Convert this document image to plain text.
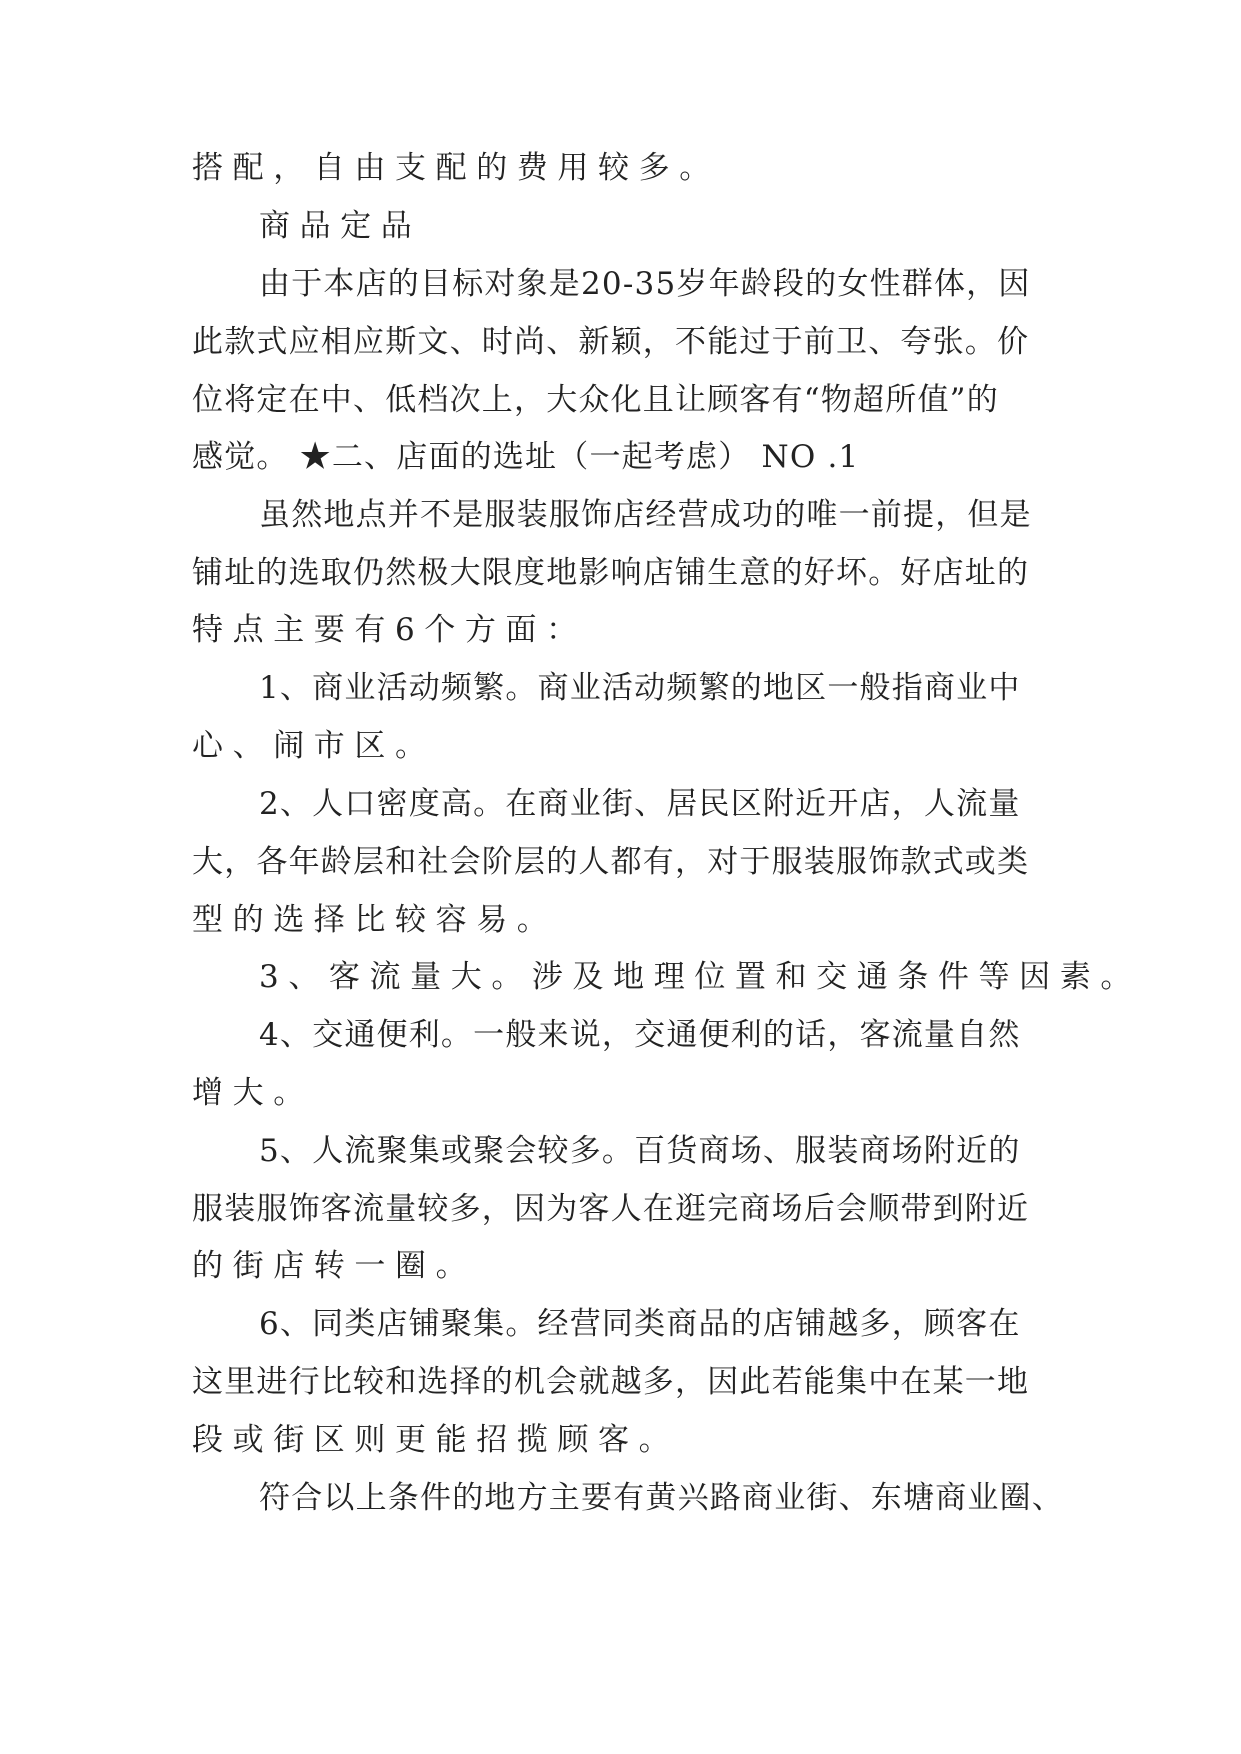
搭配，自由支配的费用较多。
商品定品
由于本店的目标对象是20-35岁年龄段的女性群体，因
此款式应相应斯文、时尚、新颖，不能过于前卫、夸张。价
位将定在中、低档次上，大众化且让顾客有“物超所值”的
感觉。 ★二、店面的选址（一起考虑） NO .1
虽然地点并不是服装服饰店经营成功的唯一前提，但是
铺址的选取仍然极大限度地影响店铺生意的好坏。好店址的
特点主要有6个方面：
1、商业活动频繁。商业活动频繁的地区一般指商业中
心、闹市区。
2、人口密度高。在商业街、居民区附近开店，人流量
大，各年龄层和社会阶层的人都有，对于服装服饰款式或类
型的选择比较容易。
3、客流量大。涉及地理位置和交通条件等因素。
4、交通便利。一般来说，交通便利的话，客流量自然
增大。
5、人流聚集或聚会较多。百货商场、服装商场附近的
服装服饰客流量较多，因为客人在逛完商场后会顺带到附近
的街店转一圈。
6、同类店铺聚集。经营同类商品的店铺越多，顾客在
这里进行比较和选择的机会就越多，因此若能集中在某一地
段或街区则更能招揽顾客。
符合以上条件的地方主要有黄兴路商业街、东塘商业圈、
